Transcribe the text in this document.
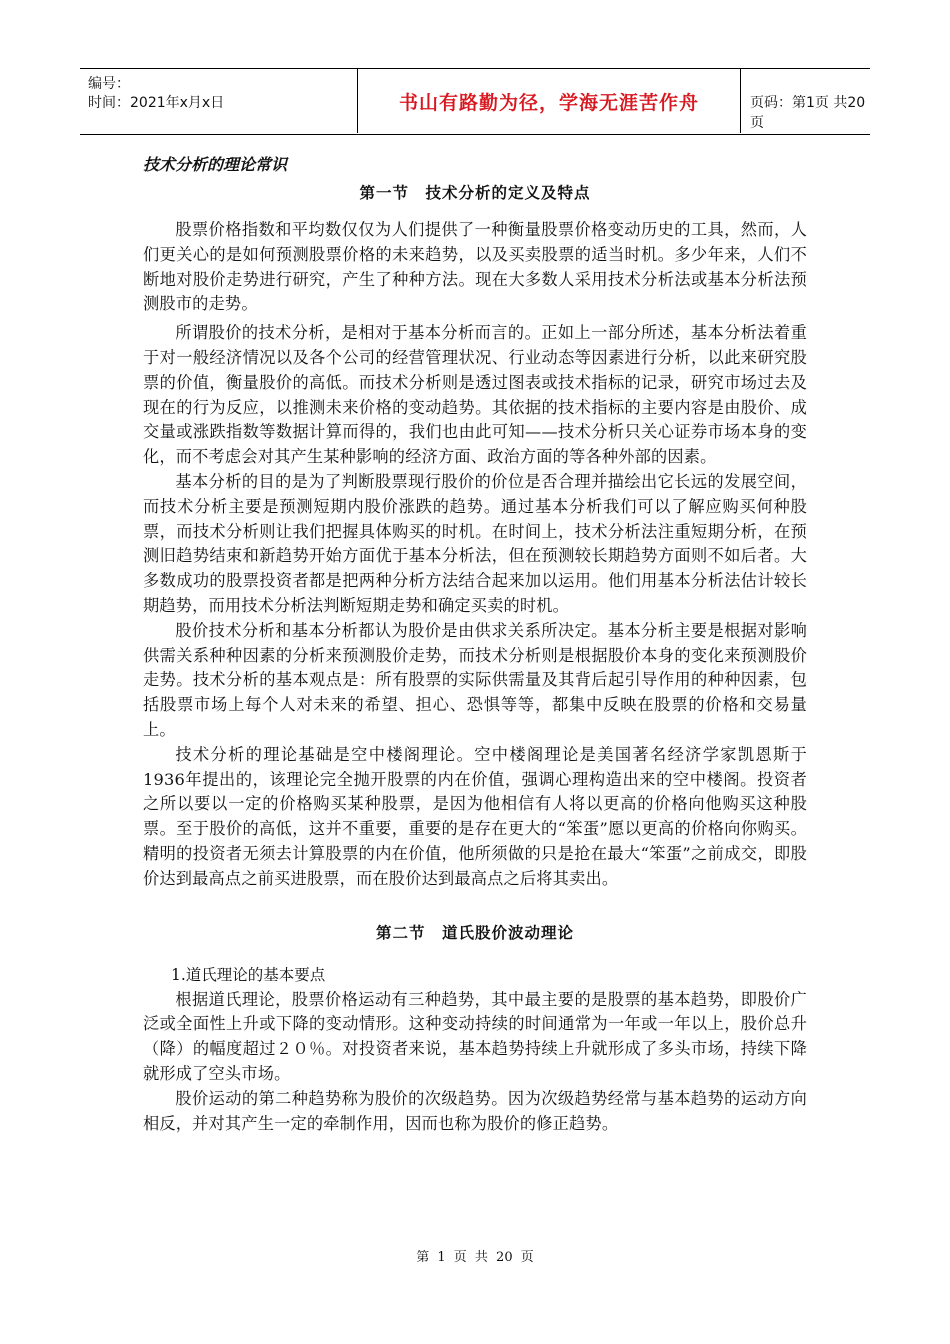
编号：
时间：2021年x月x日	书山有路勤为径，学海无涯苦作舟	页码：第1页 共20页

技术分析的理论常识

第一节　技术分析的定义及特点

股票价格指数和平均数仅仅为人们提供了一种衡量股票价格变动历史的工具，然而，人们更关心的是如何预测股票价格的未来趋势，以及买卖股票的适当时机。多少年来，人们不断地对股价走势进行研究，产生了种种方法。现在大多数人采用技术分析法或基本分析法预测股市的走势。

所谓股价的技术分析，是相对于基本分析而言的。正如上一部分所述，基本分析法着重于对一般经济情况以及各个公司的经营管理状况、行业动态等因素进行分析，以此来研究股票的价值，衡量股价的高低。而技术分析则是透过图表或技术指标的记录，研究市场过去及现在的行为反应，以推测未来价格的变动趋势。其依据的技术指标的主要内容是由股价、成交量或涨跌指数等数据计算而得的，我们也由此可知——技术分析只关心证券市场本身的变化，而不考虑会对其产生某种影响的经济方面、政治方面的等各种外部的因素。

基本分析的目的是为了判断股票现行股价的价位是否合理并描绘出它长远的发展空间，而技术分析主要是预测短期内股价涨跌的趋势。通过基本分析我们可以了解应购买何种股票，而技术分析则让我们把握具体购买的时机。在时间上，技术分析法注重短期分析，在预测旧趋势结束和新趋势开始方面优于基本分析法，但在预测较长期趋势方面则不如后者。大多数成功的股票投资者都是把两种分析方法结合起来加以运用。他们用基本分析法估计较长期趋势，而用技术分析法判断短期走势和确定买卖的时机。

股价技术分析和基本分析都认为股价是由供求关系所决定。基本分析主要是根据对影响供需关系种种因素的分析来预测股价走势，而技术分析则是根据股价本身的变化来预测股价走势。技术分析的基本观点是：所有股票的实际供需量及其背后起引导作用的种种因素，包括股票市场上每个人对未来的希望、担心、恐惧等等，都集中反映在股票的价格和交易量上。

技术分析的理论基础是空中楼阁理论。空中楼阁理论是美国著名经济学家凯恩斯于1936年提出的，该理论完全抛开股票的内在价值，强调心理构造出来的空中楼阁。投资者之所以要以一定的价格购买某种股票，是因为他相信有人将以更高的价格向他购买这种股票。至于股价的高低，这并不重要，重要的是存在更大的“笨蛋”愿以更高的价格向你购买。精明的投资者无须去计算股票的内在价值，他所须做的只是抢在最大“笨蛋”之前成交，即股价达到最高点之前买进股票，而在股价达到最高点之后将其卖出。

第二节　道氏股价波动理论

1.道氏理论的基本要点

根据道氏理论，股票价格运动有三种趋势，其中最主要的是股票的基本趋势，即股价广泛或全面性上升或下降的变动情形。这种变动持续的时间通常为一年或一年以上，股价总升（降）的幅度超过２０％。对投资者来说，基本趋势持续上升就形成了多头市场，持续下降就形成了空头市场。

股价运动的第二种趋势称为股价的次级趋势。因为次级趋势经常与基本趋势的运动方向相反，并对其产生一定的牵制作用，因而也称为股价的修正趋势。

第 1 页 共 20 页
